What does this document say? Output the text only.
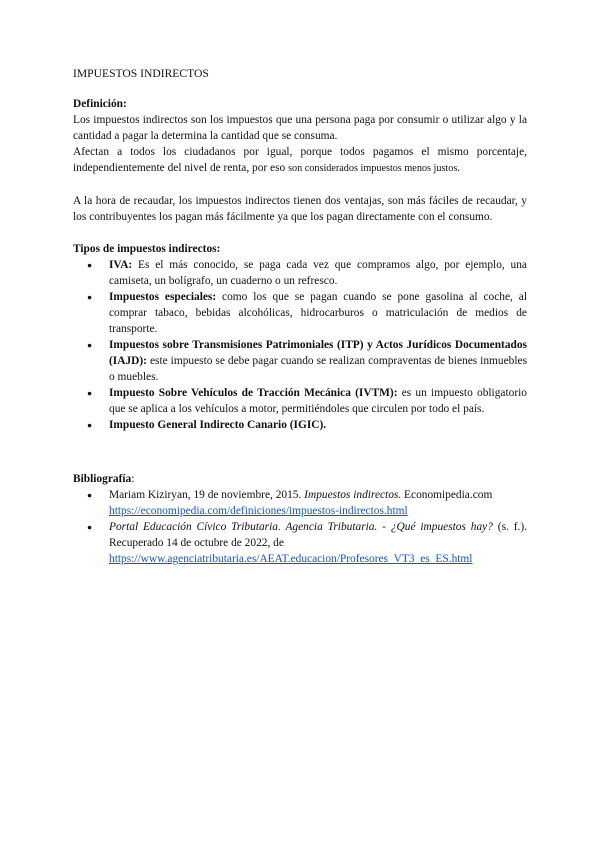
IMPUESTOS INDIRECTOS
Definición:

Los impuestos indirectos son los impuestos que una persona paga por consumir o utilizar algo y la cantidad a pagar la determina la cantidad que se consuma.

Afectan a todos los ciudadanos por igual, porque todos pagamos el mismo porcentaje, independientemente del nivel de renta, por eso son considerados impuestos menos justos.

A la hora de recaudar, los impuestos indirectos tienen dos ventajas, son más fáciles de recaudar, y los contribuyentes los pagan más fácilmente ya que los pagan directamente con el consumo.

Tipos de impuestos indirectos:
● IVA: Es el más conocido, se paga cada vez que compramos algo, por ejemplo, una camiseta, un bolígrafo, un cuaderno o un refresco.
● Impuestos especiales: como los que se pagan cuando se pone gasolina al coche, al comprar tabaco, bebidas alcohólicas, hidrocarburos o matriculación de medios de transporte.
● Impuestos sobre Transmisiones Patrimoniales (ITP) y Actos Jurídicos Documentados (IAJD): este impuesto se debe pagar cuando se realizan compraventas de bienes inmuebles o muebles.
● Impuesto Sobre Vehículos de Tracción Mecánica (IVTM): es un impuesto obligatorio que se aplica a los vehículos a motor, permitiéndoles que circulen por todo el país.
● Impuesto General Indirecto Canario (IGIC).
Bibliografía:
● Mariam Kiziryan, 19 de noviembre, 2015. Impuestos indirectos. Economipedia.com
https://economipedia.com/definiciones/impuestos-indirectos.html
● Portal Educación Cívico Tributaria. Agencia Tributaria. - ¿Qué impuestos hay? (s. f.). Recuperado 14 de octubre de 2022, de
https://www.agenciatributaria.es/AEAT.educacion/Profesores_VT3_es_ES.html
